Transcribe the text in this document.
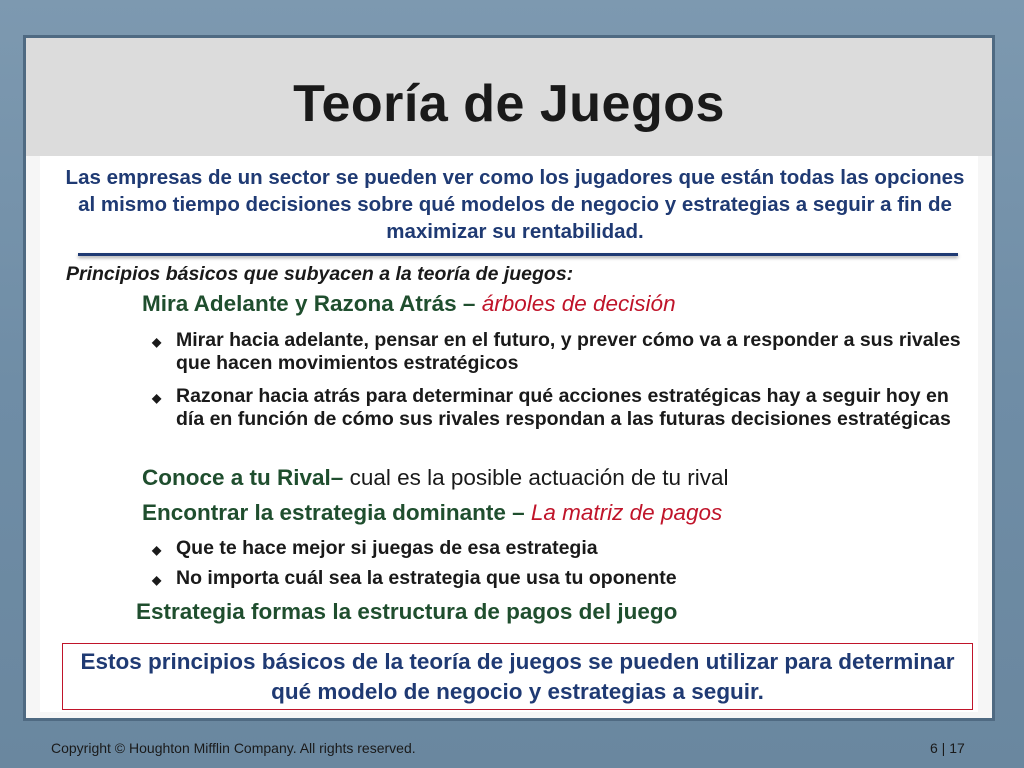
Teoría de Juegos
Las empresas de un sector se pueden ver como los jugadores que están todas las opciones al mismo tiempo decisiones sobre qué modelos de negocio y estrategias a seguir a fin de maximizar su rentabilidad.
Principios básicos que subyacen a la teoría de juegos:
Mira Adelante y Razona Atrás – árboles de decisión
◆ Mirar hacia adelante, pensar en el futuro, y prever cómo va a responder a sus rivales que hacen movimientos estratégicos
◆ Razonar hacia atrás para determinar qué acciones estratégicas hay a seguir hoy en día en función de cómo sus rivales respondan a las futuras decisiones estratégicas
Conoce a tu Rival– cual es la posible actuación de tu rival
Encontrar la estrategia dominante – La matriz de pagos
◆ Que te hace mejor si juegas de esa estrategia
◆ No importa cuál sea la estrategia que usa tu oponente
Estrategia formas la estructura de pagos del juego
Estos principios básicos de la teoría de juegos se pueden utilizar para determinar qué modelo de negocio y estrategias a seguir.
Copyright © Houghton Mifflin Company. All rights reserved.	6 | 17
